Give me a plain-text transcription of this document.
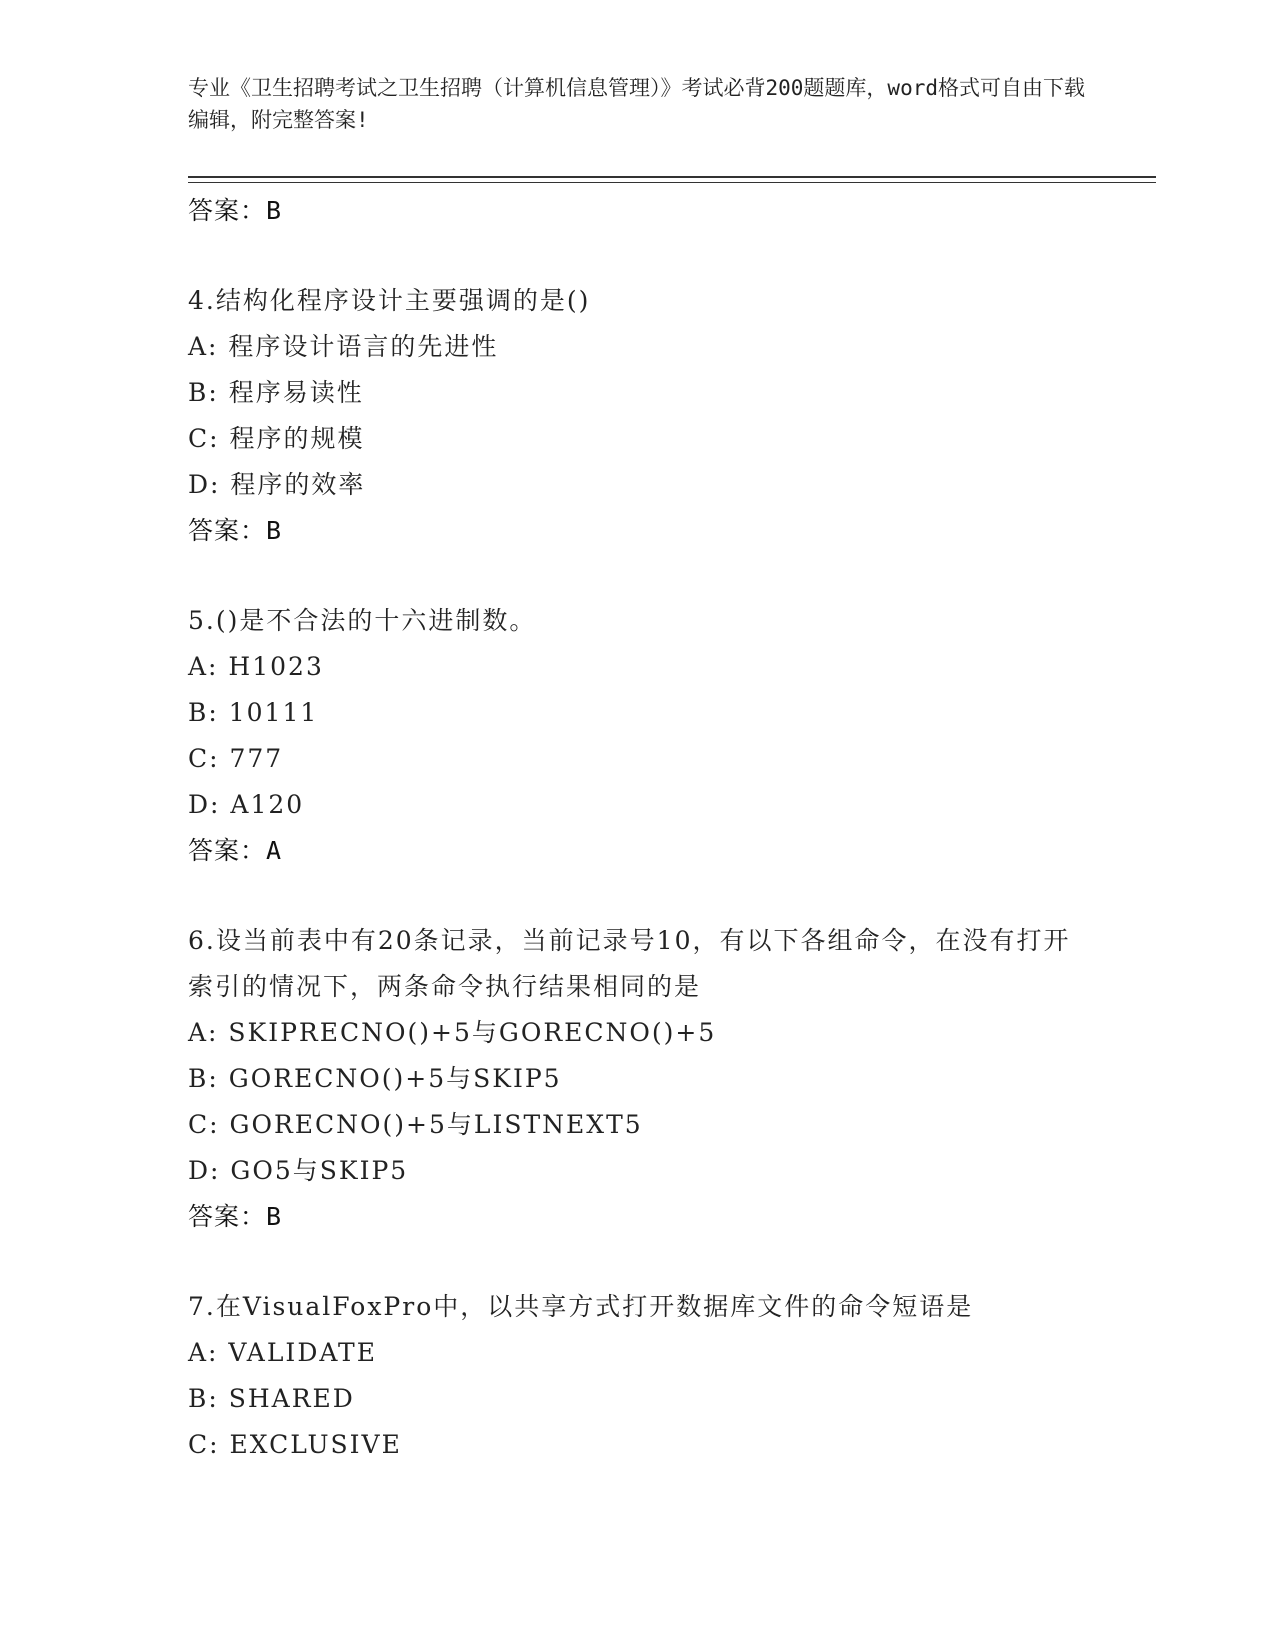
专业《卫生招聘考试之卫生招聘（计算机信息管理）》考试必背200题题库，word格式可自由下载编辑，附完整答案!
答案：B

4.结构化程序设计主要强调的是()

A: 程序设计语言的先进性

B: 程序易读性

C: 程序的规模

D: 程序的效率

答案：B

5.()是不合法的十六进制数。

A: H1023

B: 10111

C: 777

D: A120

答案：A

6.设当前表中有20条记录，当前记录号10，有以下各组命令，在没有打开索引的情况下，两条命令执行结果相同的是

A: SKIPRECNO()+5与GORECNO()+5

B: GORECNO()+5与SKIP5

C: GORECNO()+5与LISTNEXT5

D: GO5与SKIP5

答案：B

7.在VisualFoxPro中，以共享方式打开数据库文件的命令短语是

A: VALIDATE

B: SHARED

C: EXCLUSIVE
